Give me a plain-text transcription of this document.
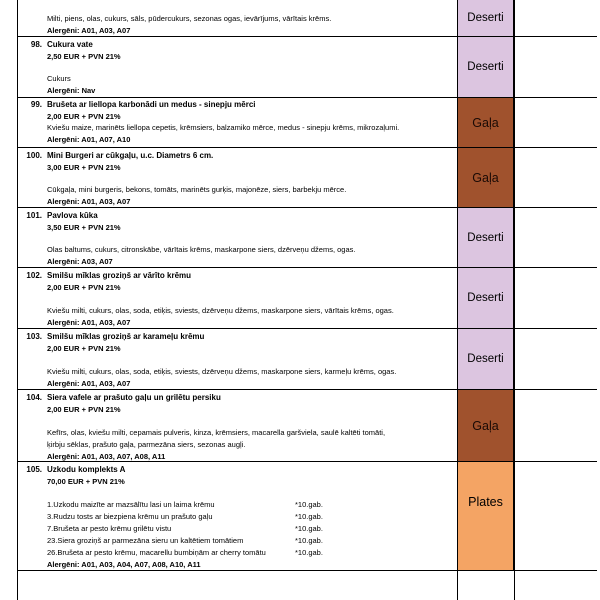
Milti, piens, olas, cukurs, sāls, pūdercukurs, sezonas ogas, ievārījums, vārītais krēms.
Alergēni: A01, A03, A07
Deserti
98. Cukura vate
2,50 EUR + PVN 21%
Cukurs
Alergēni: Nav
Deserti
99. Brušeta ar liellopa karbonādi un medus - sinepju mērci
2,00 EUR + PVN 21%
Kviešu maize, marinēts liellopa cepetis, krēmsiers, balzamiko mērce, medus - sinepju krēms, mikrozaļumi.
Alergēni: A01, A07, A10
Gaļa
100. Mini Burgeri ar cūkgaļu, u.c. Diametrs 6 cm.
3,00 EUR + PVN 21%
Cūkgaļa, mini burgeris, bekons, tomāts, marinēts gurķis, majonēze, siers, barbekju mērce.
Alergēni: A01, A03, A07
Gaļa
101. Pavlova kūka
3,50 EUR + PVN 21%
Olas baltums, cukurs, citronskābe, vārītais krēms, maskarpone siers, dzērveņu džems, ogas.
Alergēni: A03, A07
Deserti
102. Smilšu mīklas groziņš ar vārīto krēmu
2,00 EUR + PVN 21%
Kviešu milti, cukurs, olas, soda, etiķis, sviests, dzērveņu džems, maskarpone siers, vārītais krēms, ogas.
Alergēni: A01, A03, A07
Deserti
103. Smilšu mīklas groziņš ar karameļu krēmu
2,00 EUR + PVN 21%
Kviešu milti, cukurs, olas, soda, etiķis, sviests, dzērveņu džems, maskarpone siers, karmeļu krēms, ogas.
Alergēni: A01, A03, A07
Deserti
104. Siera vafele ar prašuto gaļu un grilētu persiku
2,00 EUR + PVN 21%
Kefīrs, olas, kviešu milti, cepamais pulveris, kinza, krēmsiers, macarella garšviela, saulē kaltēti tomāti,
ķirbju sēklas, prašuto gaļa, parmezāna siers, sezonas augļi.
Alergēni: A01, A03, A07, A08, A11
Gaļa
105. Uzkodu komplekts A
70,00 EUR + PVN 21%
1.Uzkodu maizīte ar mazsālītu lasi un laima krēmu	*10.gab.
3.Rudzu tosts ar biezpiena krēmu un prašuto gaļu	*10.gab.
7.Brušeta ar pesto krēmu grilētu vistu	*10.gab.
23.Siera groziņš ar parmezāna sieru un kaltētiem tomātiem	*10.gab.
26.Brušeta ar pesto krēmu, macarellu bumbiņām ar cherry tomātu	*10.gab.
Alergēni: A01, A03, A04, A07, A08, A10, A11
Plates
